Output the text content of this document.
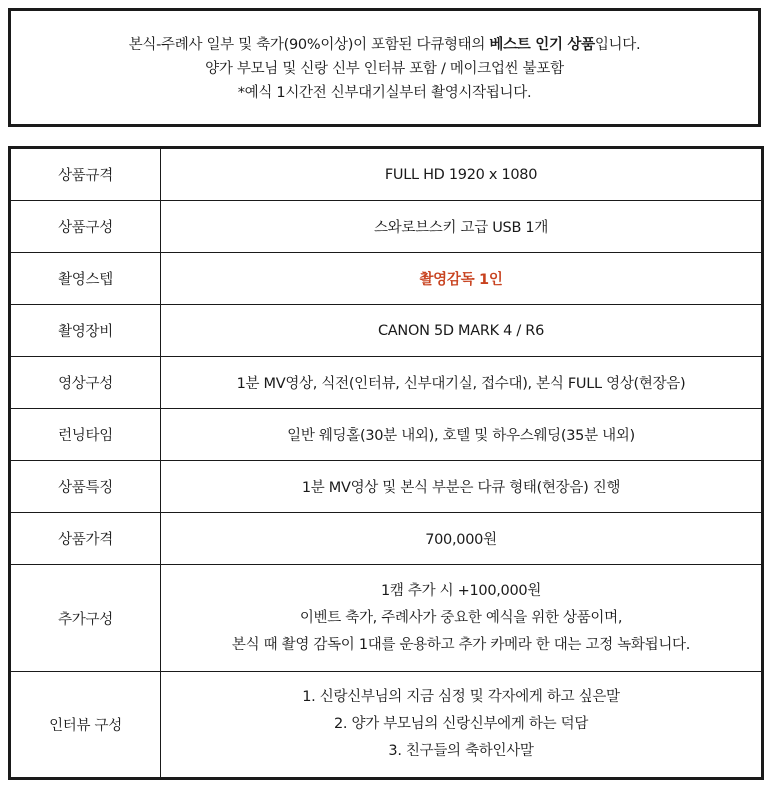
본식-주례사 일부 및 축가(90%이상)이 포함된 다큐형태의 베스트 인기 상품입니다.
양가 부모님 및 신랑 신부 인터뷰 포함 / 메이크업씬 불포함
*예식 1시간전 신부대기실부터 촬영시작됩니다.
상품규격	FULL HD 1920 x 1080
상품구성	스와로브스키 고급 USB 1개
촬영스텝	촬영감독 1인
촬영장비	CANON 5D MARK 4 / R6
영상구성	1분 MV영상, 식전(인터뷰, 신부대기실, 접수대), 본식 FULL 영상(현장음)
런닝타임	일반 웨딩홀(30분 내외), 호텔 및 하우스웨딩(35분 내외)
상품특징	1분 MV영상 및 본식 부분은 다큐 형태(현장음) 진행
상품가격	700,000원
추가구성	1캠 추가 시 +100,000원
이벤트 축가, 주례사가 중요한 예식을 위한 상품이며,
본식 때 촬영 감독이 1대를 운용하고 추가 카메라 한 대는 고정 녹화됩니다.

인터뷰 구성	1. 신랑신부님의 지금 심정 및 각자에게 하고 싶은말
2. 양가 부모님의 신랑신부에게 하는 덕담
3. 친구들의 축하인사말
